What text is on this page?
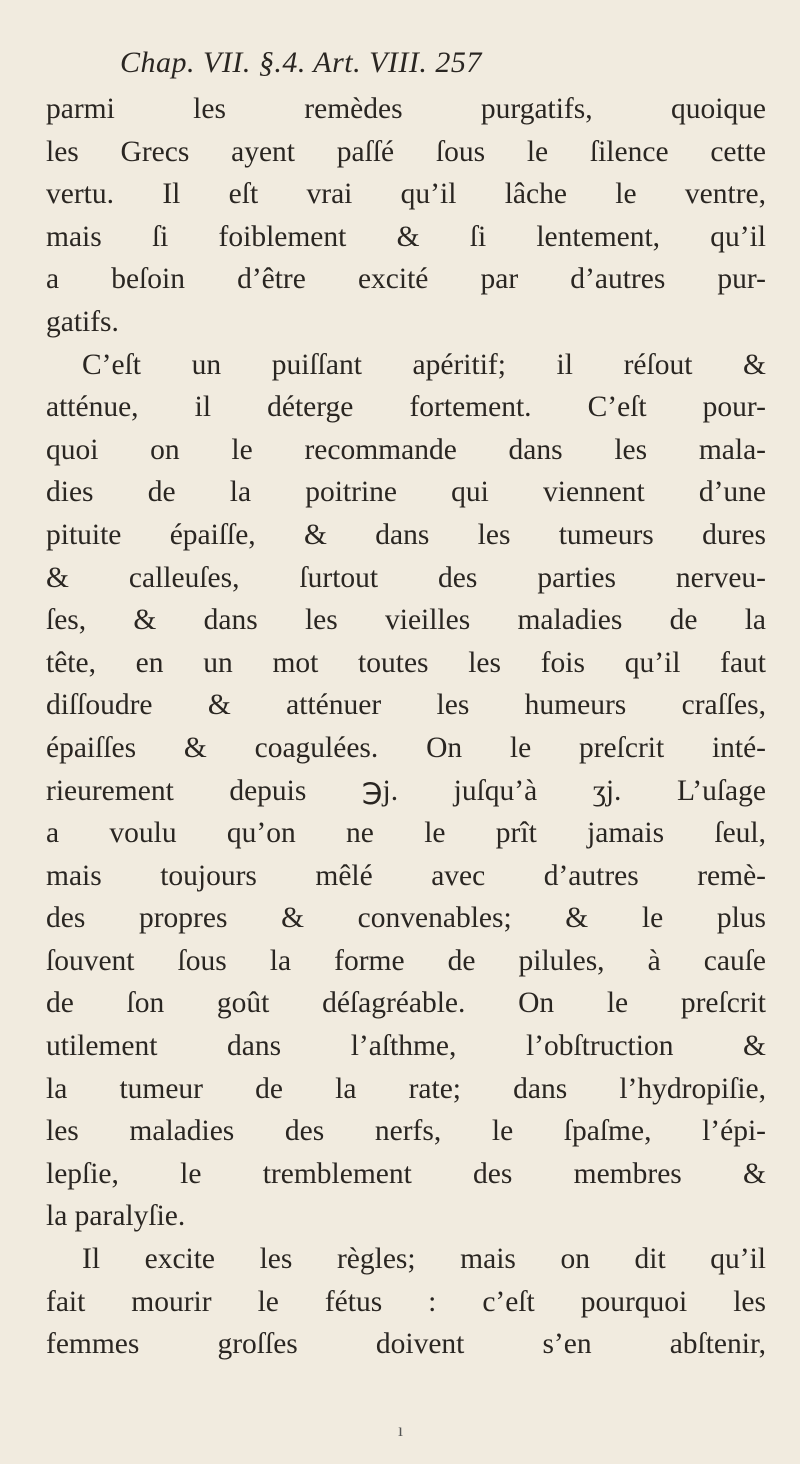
Chap. VII. §.4. Art. VIII. 257
parmi les remèdes purgatifs, quoique
les Grecs ayent paſſé ſous le ſilence cette
vertu. Il eſt vrai qu’il lâche le ventre,
mais ſi foiblement & ſi lentement, qu’il
a beſoin d’être excité par d’autres pur-
gatifs.
C’eſt un puiſſant apéritif; il réſout &
atténue, il déterge fortement. C’eſt pour-
quoi on le recommande dans les mala-
dies de la poitrine qui viennent d’une
pituite épaiſſe, & dans les tumeurs dures
& calleuſes, ſurtout des parties nerveu-
ſes, & dans les vieilles maladies de la
tête, en un mot toutes les fois qu’il faut
diſſoudre & atténuer les humeurs craſſes,
épaiſſes & coagulées. On le preſcrit inté-
rieurement depuis ℈j. juſqu’à ʒj. L’uſage
a voulu qu’on ne le prît jamais ſeul,
mais toujours mêlé avec d’autres remè-
des propres & convenables; & le plus
ſouvent ſous la forme de pilules, à cauſe
de ſon goût déſagréable. On le preſcrit
utilement dans l’aſthme, l’obſtruction &
la tumeur de la rate; dans l’hydropiſie,
les maladies des nerfs, le ſpaſme, l’épi-
lepſie, le tremblement des membres &
la paralyſie.
Il excite les règles; mais on dit qu’il
fait mourir le fétus : c’eſt pourquoi les
femmes groſſes doivent s’en abſtenir,
ı
